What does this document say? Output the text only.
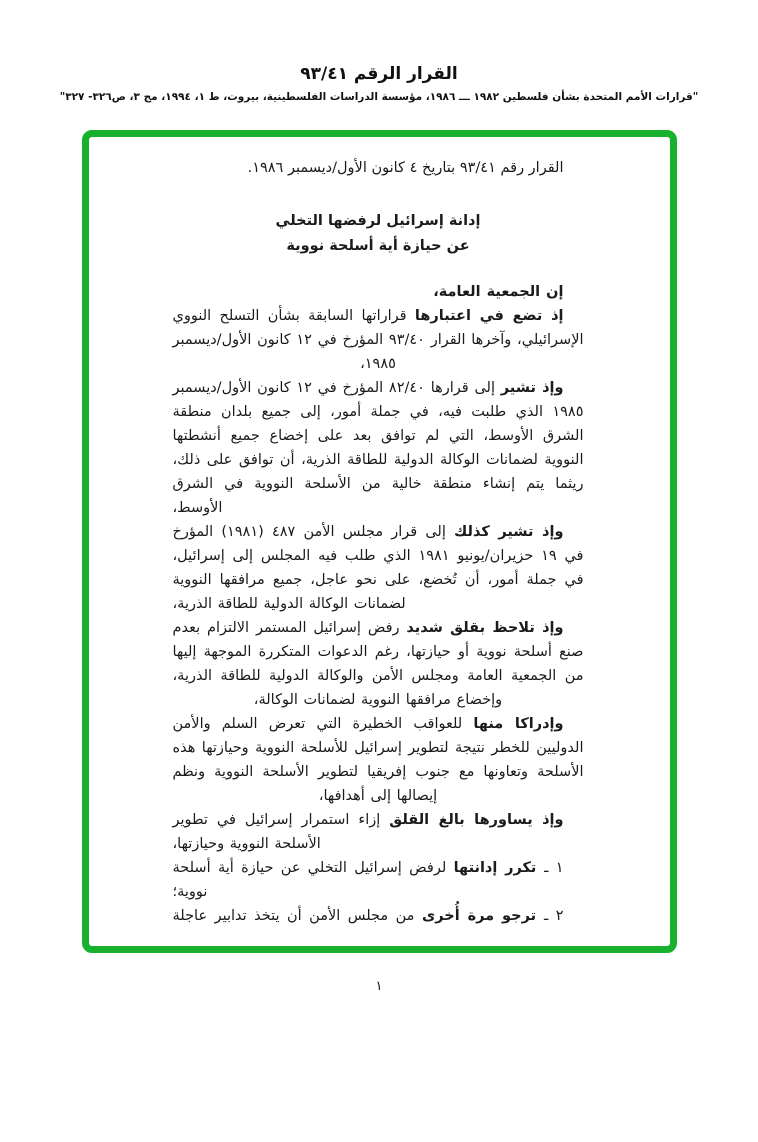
القرار الرقم ٩٣/٤١
"قرارات الأمم المتحدة بشأن فلسطين ١٩٨٢ ـــ ١٩٨٦، مؤسسة الدراسات الفلسطينية، بيروت، ط ١، ١٩٩٤، مج ٣، ص٣٢٦- ٣٢٧"

القرار رقم ٩٣/٤١ بتاريخ ٤ كانون الأول/ديسمبر ١٩٨٦.

إدانة إسرائيل لرفضها التخلي
عن حيازة أية أسلحة نووية

إن الجمعية العامة،

إذ تضع في اعتبارها قراراتها السابقة بشأن التسلح النووي الإسرائيلي، وآخرها القرار ٩٣/٤٠ المؤرخ في ١٢ كانون الأول/ديسمبر ١٩٨٥،

وإذ تشير إلى قرارها ٨٢/٤٠ المؤرخ في ١٢ كانون الأول/ديسمبر ١٩٨٥ الذي طلبت فيه، في جملة أمور، إلى جميع بلدان منطقة الشرق الأوسط، التي لم توافق بعد على إخضاع جميع أنشطتها النووية لضمانات الوكالة الدولية للطاقة الذرية، أن توافق على ذلك، ريثما يتم إنشاء منطقة خالية من الأسلحة النووية في الشرق الأوسط،

وإذ تشير كذلك إلى قرار مجلس الأمن ٤٨٧ (١٩٨١) المؤرخ في ١٩ حزيران/يونيو ١٩٨١ الذي طلب فيه المجلس إلى إسرائيل، في جملة أمور، أن تُخضع، على نحو عاجل، جميع مرافقها النووية لضمانات الوكالة الدولية للطاقة الذرية،

وإذ تلاحظ بقلق شديد رفض إسرائيل المستمر الالتزام بعدم صنع أسلحة نووية أو حيازتها، رغم الدعوات المتكررة الموجهة إليها من الجمعية العامة ومجلس الأمن والوكالة الدولية للطاقة الذرية، وإخضاع مرافقها النووية لضمانات الوكالة،

وإدراكا منها للعواقب الخطيرة التي تعرض السلم والأمن الدوليين للخطر نتيجة لتطوير إسرائيل للأسلحة النووية وحيازتها هذه الأسلحة وتعاونها مع جنوب إفريقيا لتطوير الأسلحة النووية ونظم إيصالها إلى أهدافها،

وإذ يساورها بالغ القلق إزاء استمرار إسرائيل في تطوير الأسلحة النووية وحيازتها،

١ ـ تكرر إدانتها لرفض إسرائيل التخلي عن حيازة أية أسلحة نووية؛

٢ ـ ترجو مرة أُخرى من مجلس الأمن أن يتخذ تدابير عاجلة

١
